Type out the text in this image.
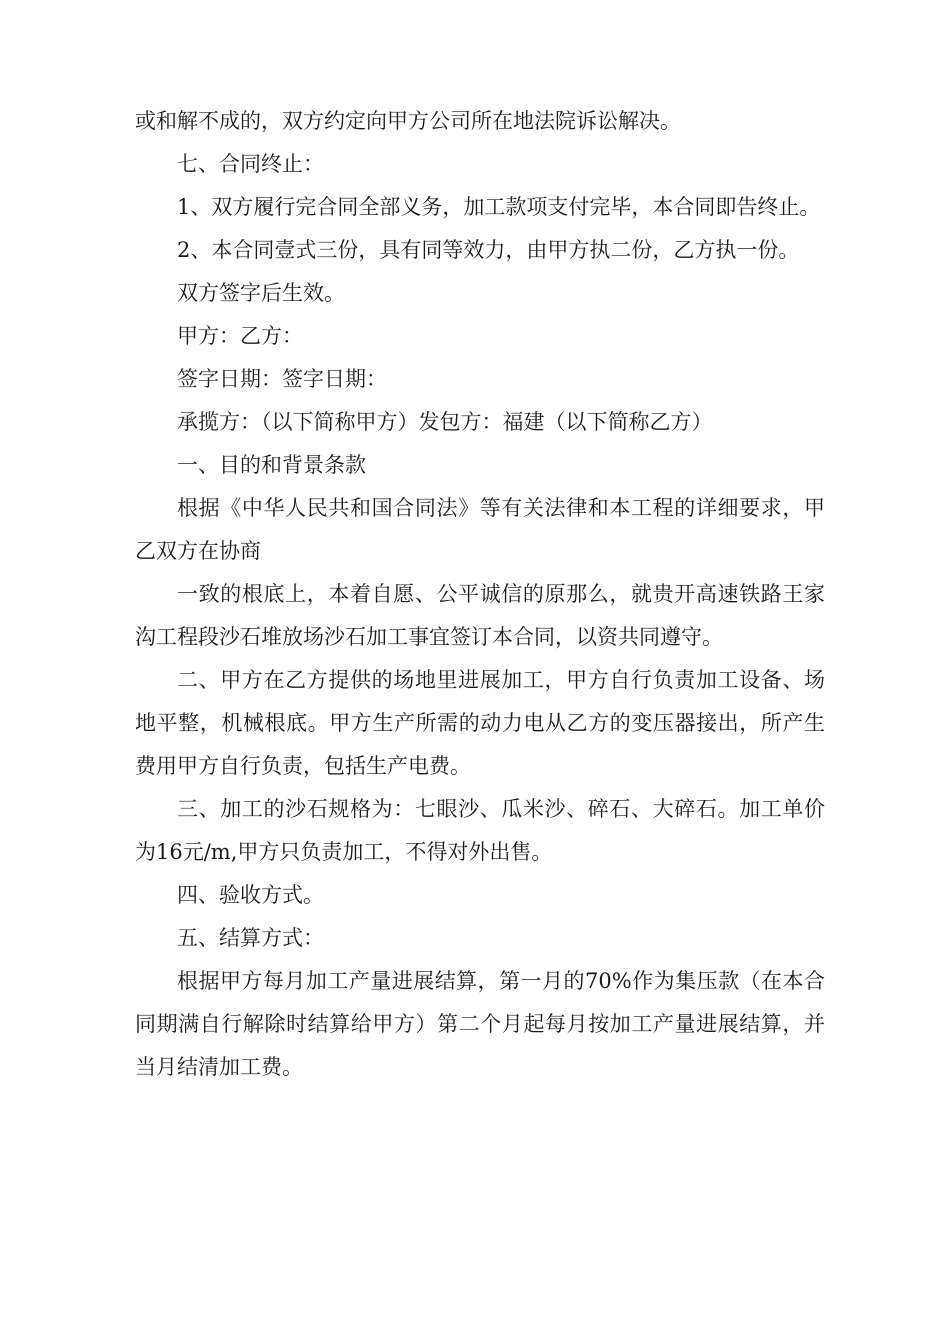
或和解不成的，双方约定向甲方公司所在地法院诉讼解决。

七、合同终止：

1、双方履行完合同全部义务，加工款项支付完毕，本合同即告终止。

2、本合同壹式三份，具有同等效力，由甲方执二份，乙方执一份。

双方签字后生效。

甲方：乙方：

签字日期：签字日期：

承揽方：（以下简称甲方）发包方：福建（以下简称乙方）

一、目的和背景条款

根据《中华人民共和国合同法》等有关法律和本工程的详细要求，甲乙双方在协商

一致的根底上，本着自愿、公平诚信的原那么，就贵开高速铁路王家沟工程段沙石堆放场沙石加工事宜签订本合同，以资共同遵守。

二、甲方在乙方提供的场地里进展加工，甲方自行负责加工设备、场地平整，机械根底。甲方生产所需的动力电从乙方的变压器接出，所产生费用甲方自行负责，包括生产电费。

三、加工的沙石规格为：七眼沙、瓜米沙、碎石、大碎石。加工单价为16元/m,甲方只负责加工，不得对外出售。

四、验收方式。

五、结算方式：

根据甲方每月加工产量进展结算，第一月的70%作为集压款（在本合同期满自行解除时结算给甲方）第二个月起每月按加工产量进展结算，并当月结清加工费。
